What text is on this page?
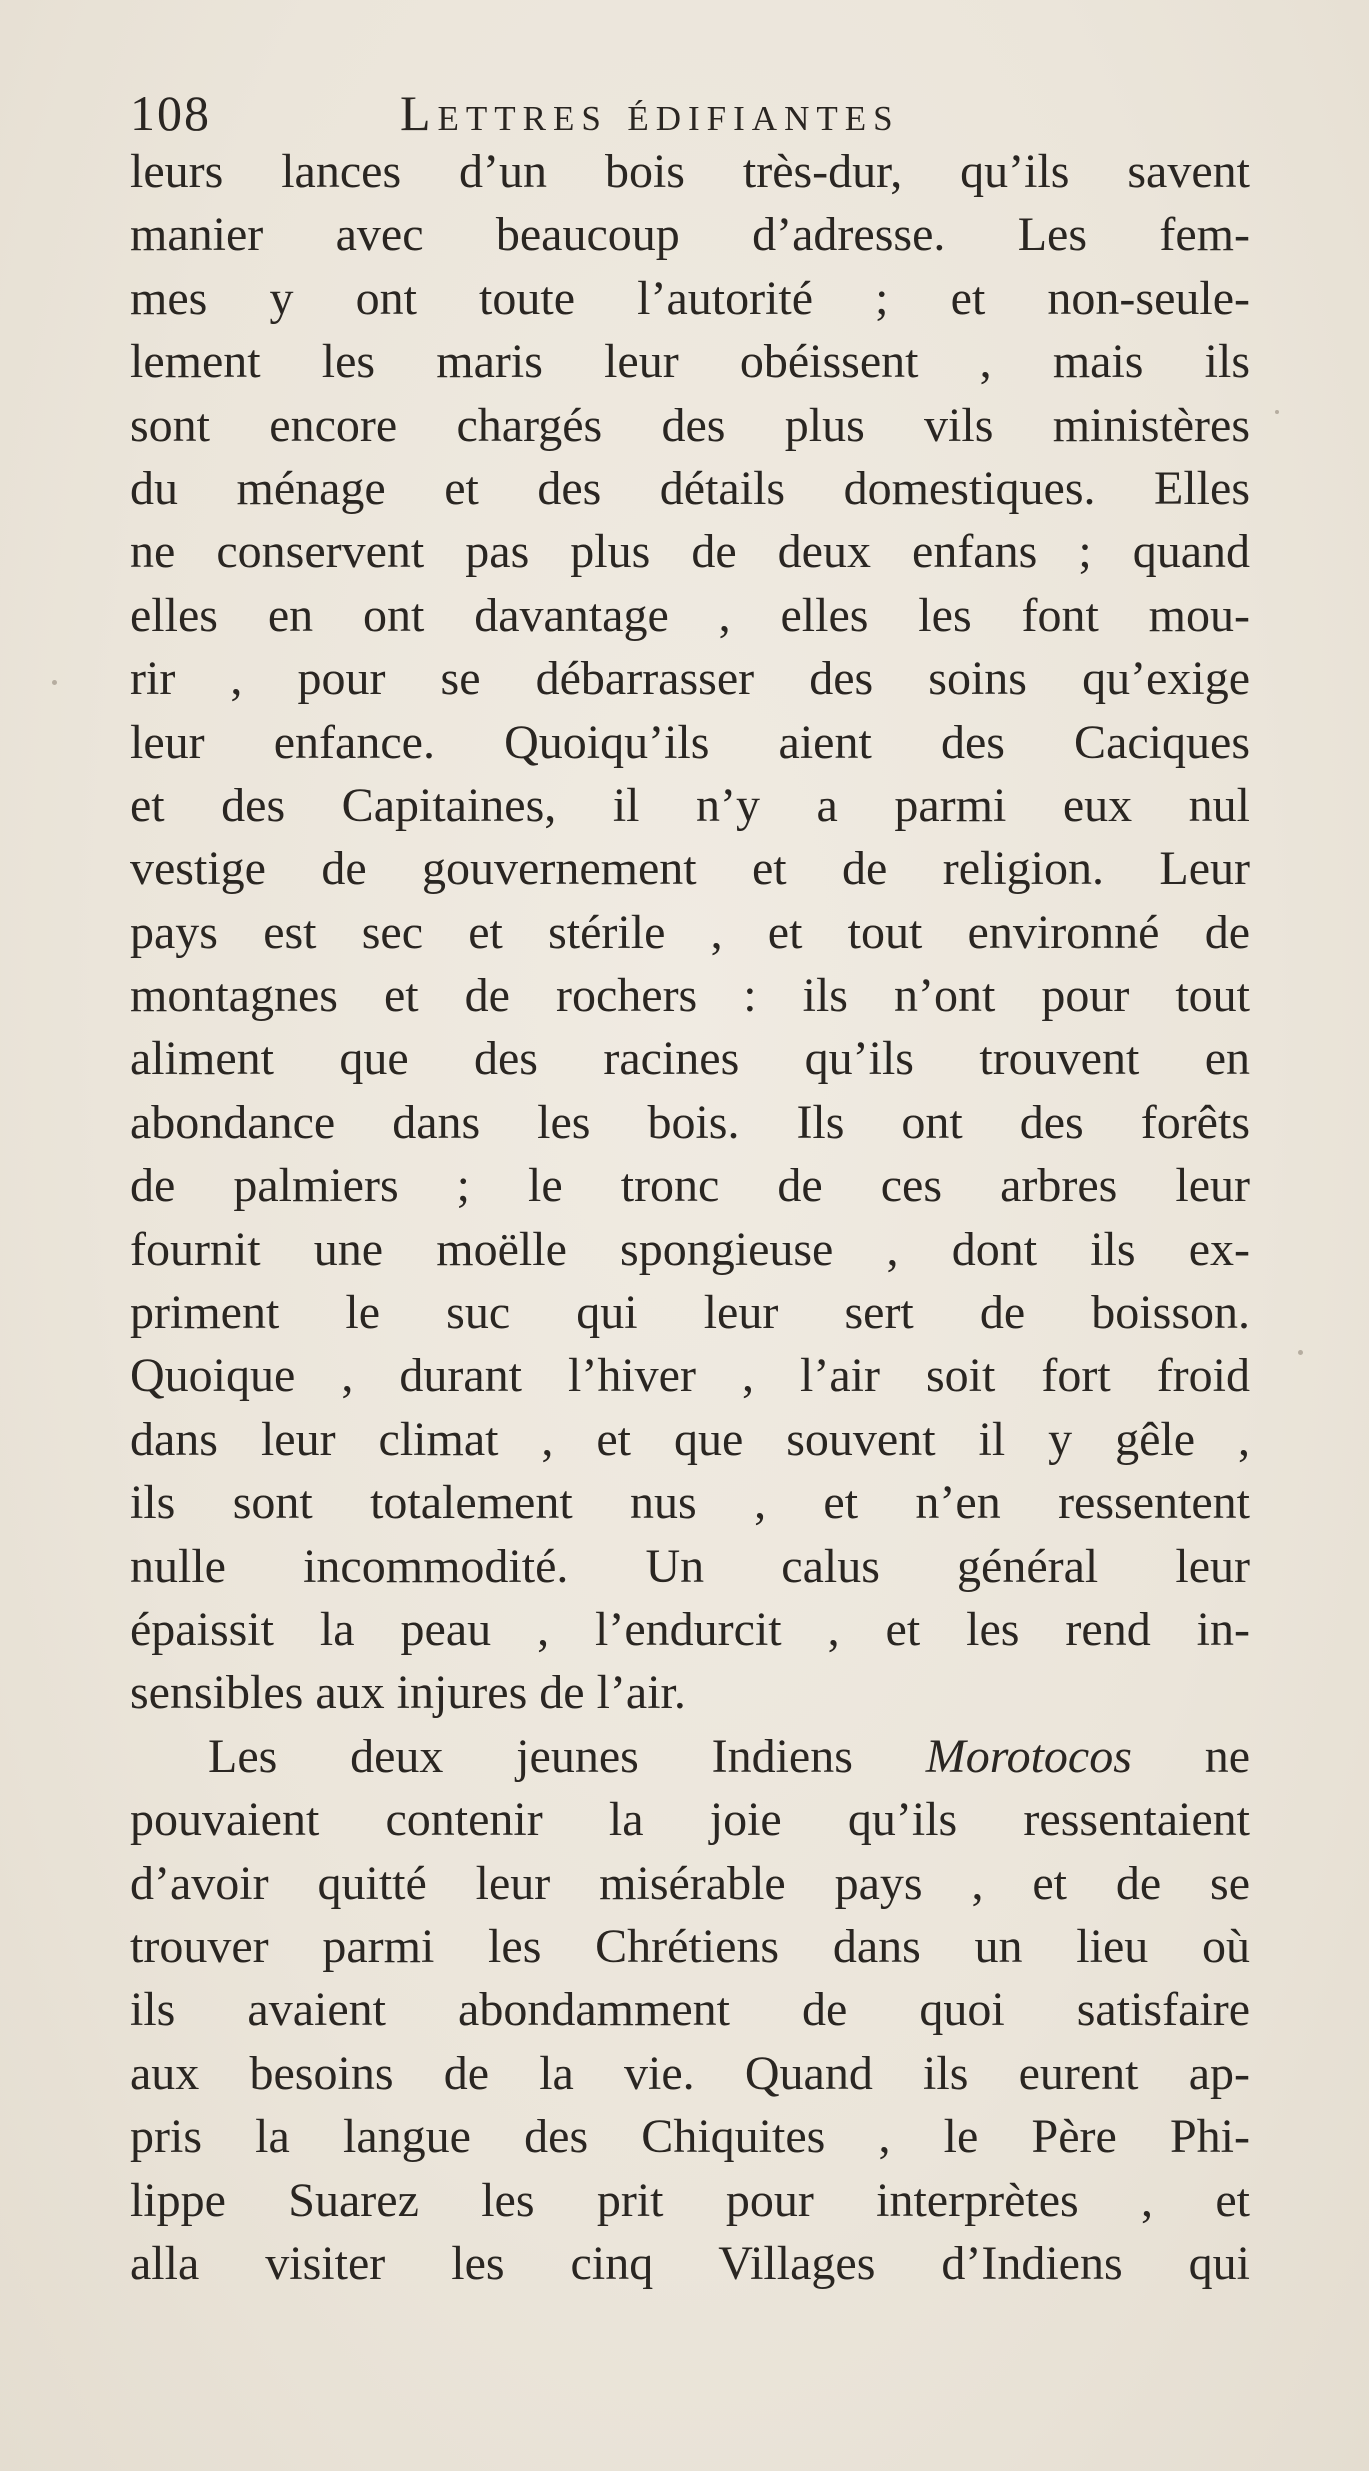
108	Lettres édifiantes
leurs lances d’un bois très-dur, qu’ils savent
manier avec beaucoup d’adresse. Les fem-
mes y ont toute l’autorité ; et non-seule-
lement les maris leur obéissent , mais ils
sont encore chargés des plus vils ministères
du ménage et des détails domestiques. Elles
ne conservent pas plus de deux enfans ; quand
elles en ont davantage , elles les font mou-
rir , pour se débarrasser des soins qu’exige
leur enfance. Quoiqu’ils aient des Caciques
et des Capitaines, il n’y a parmi eux nul
vestige de gouvernement et de religion. Leur
pays est sec et stérile , et tout environné de
montagnes et de rochers : ils n’ont pour tout
aliment que des racines qu’ils trouvent en
abondance dans les bois. Ils ont des forêts
de palmiers ; le tronc de ces arbres leur
fournit une moëlle spongieuse , dont ils ex-
priment le suc qui leur sert de boisson.
Quoique , durant l’hiver , l’air soit fort froid
dans leur climat , et que souvent il y gêle ,
ils sont totalement nus , et n’en ressentent
nulle incommodité. Un calus général leur
épaissit la peau , l’endurcit , et les rend in-
sensibles aux injures de l’air.
Les deux jeunes Indiens Morotocos ne
pouvaient contenir la joie qu’ils ressentaient
d’avoir quitté leur misérable pays , et de se
trouver parmi les Chrétiens dans un lieu où
ils avaient abondamment de quoi satisfaire
aux besoins de la vie. Quand ils eurent ap-
pris la langue des Chiquites , le Père Phi-
lippe Suarez les prit pour interprètes , et
alla visiter les cinq Villages d’Indiens qui
